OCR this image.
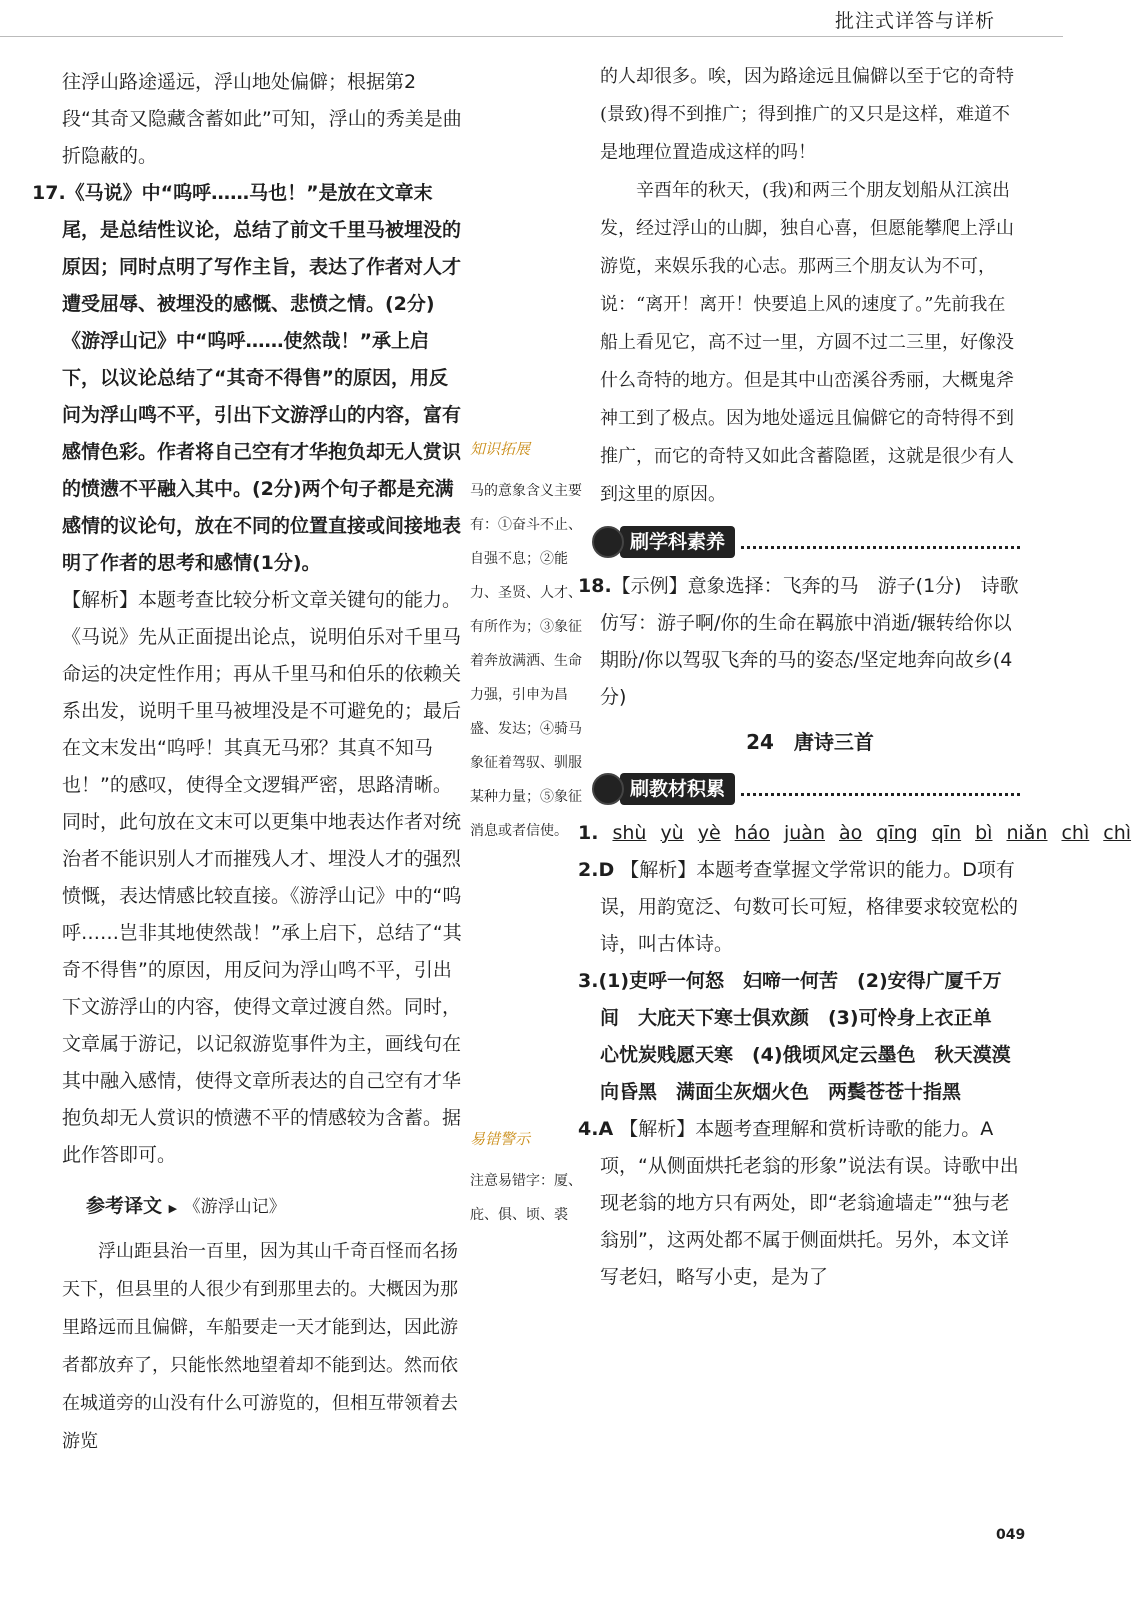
批注式详答与详析

往浮山路途遥远，浮山地处偏僻；根据第2段“其奇又隐藏含蓄如此”可知，浮山的秀美是曲折隐蔽的。

17.《马说》中“呜呼……马也！”是放在文章末尾，是总结性议论，总结了前文千里马被埋没的原因；同时点明了写作主旨，表达了作者对人才遭受屈辱、被埋没的感慨、悲愤之情。(2分)《游浮山记》中“呜呼……使然哉！”承上启下，以议论总结了“其奇不得售”的原因，用反问为浮山鸣不平，引出下文游浮山的内容，富有感情色彩。作者将自己空有才华抱负却无人赏识的愤懑不平融入其中。(2分)两个句子都是充满感情的议论句，放在不同的位置直接或间接地表明了作者的思考和感情(1分)。

【解析】本题考查比较分析文章关键句的能力。《马说》先从正面提出论点，说明伯乐对千里马命运的决定性作用；再从千里马和伯乐的依赖关系出发，说明千里马被埋没是不可避免的；最后在文末发出“呜呼！其真无马邪？其真不知马也！”的感叹，使得全文逻辑严密，思路清晰。同时，此句放在文末可以更集中地表达作者对统治者不能识别人才而摧残人才、埋没人才的强烈愤慨，表达情感比较直接。《游浮山记》中的“呜呼……岂非其地使然哉！”承上启下，总结了“其奇不得售”的原因，用反问为浮山鸣不平，引出下文游浮山的内容，使得文章过渡自然。同时，文章属于游记，以记叙游览事件为主，画线句在其中融入感情，使得文章所表达的自己空有才华抱负却无人赏识的愤懑不平的情感较为含蓄。据此作答即可。

参考译文 ▶ 《游浮山记》

浮山距县治一百里，因为其山千奇百怪而名扬天下，但县里的人很少有到那里去的。大概因为那里路远而且偏僻，车船要走一天才能到达，因此游者都放弃了，只能怅然地望着却不能到达。然而依在城道旁的山没有什么可游览的，但相互带领着去游览

知识拓展
马的意象含义主要有：①奋斗不止、自强不息；②能力、圣贤、人才、有所作为；③象征着奔放满洒、生命力强，引申为昌盛、发达；④骑马象征着驾驭、驯服某种力量；⑤象征消息或者信使。
易错警示
注意易错字：厦、庇、俱、顷、裘

的人却很多。唉，因为路途远且偏僻以至于它的奇特(景致)得不到推广；得到推广的又只是这样，难道不是地理位置造成这样的吗！

辛酉年的秋天，(我)和两三个朋友划船从江滨出发，经过浮山的山脚，独自心喜，但愿能攀爬上浮山游览，来娱乐我的心志。那两三个朋友认为不可，说：“离开！离开！快要追上风的速度了。”先前我在船上看见它，高不过一里，方圆不过二三里，好像没什么奇特的地方。但是其中山峦溪谷秀丽，大概鬼斧神工到了极点。因为地处遥远且偏僻它的奇特得不到推广，而它的奇特又如此含蓄隐匿，这就是很少有人到这里的原因。

刷学科素养

18.【示例】意象选择：飞奔的马　游子(1分)　诗歌仿写：游子啊/你的生命在羁旅中消逝/辗转给你以期盼/你以驾驭飞奔的马的姿态/坚定地奔向故乡(4分)

24　唐诗三首
刷教材积累

1. shù yù yè háo juàn ào qīng qīn bì niǎn chì chì

2.D 【解析】本题考查掌握文学常识的能力。D项有误，用韵宽泛、句数可长可短，格律要求较宽松的诗，叫古体诗。

3.(1)吏呼一何怒　妇啼一何苦　(2)安得广厦千万间　大庇天下寒士俱欢颜　(3)可怜身上衣正单　心忧炭贱愿天寒　(4)俄顷风定云墨色　秋天漠漠向昏黑　满面尘灰烟火色　两鬓苍苍十指黑

4.A 【解析】本题考查理解和赏析诗歌的能力。A项，“从侧面烘托老翁的形象”说法有误。诗歌中出现老翁的地方只有两处，即“老翁逾墙走”“独与老翁别”，这两处都不属于侧面烘托。另外，本文详写老妇，略写小吏，是为了

049
